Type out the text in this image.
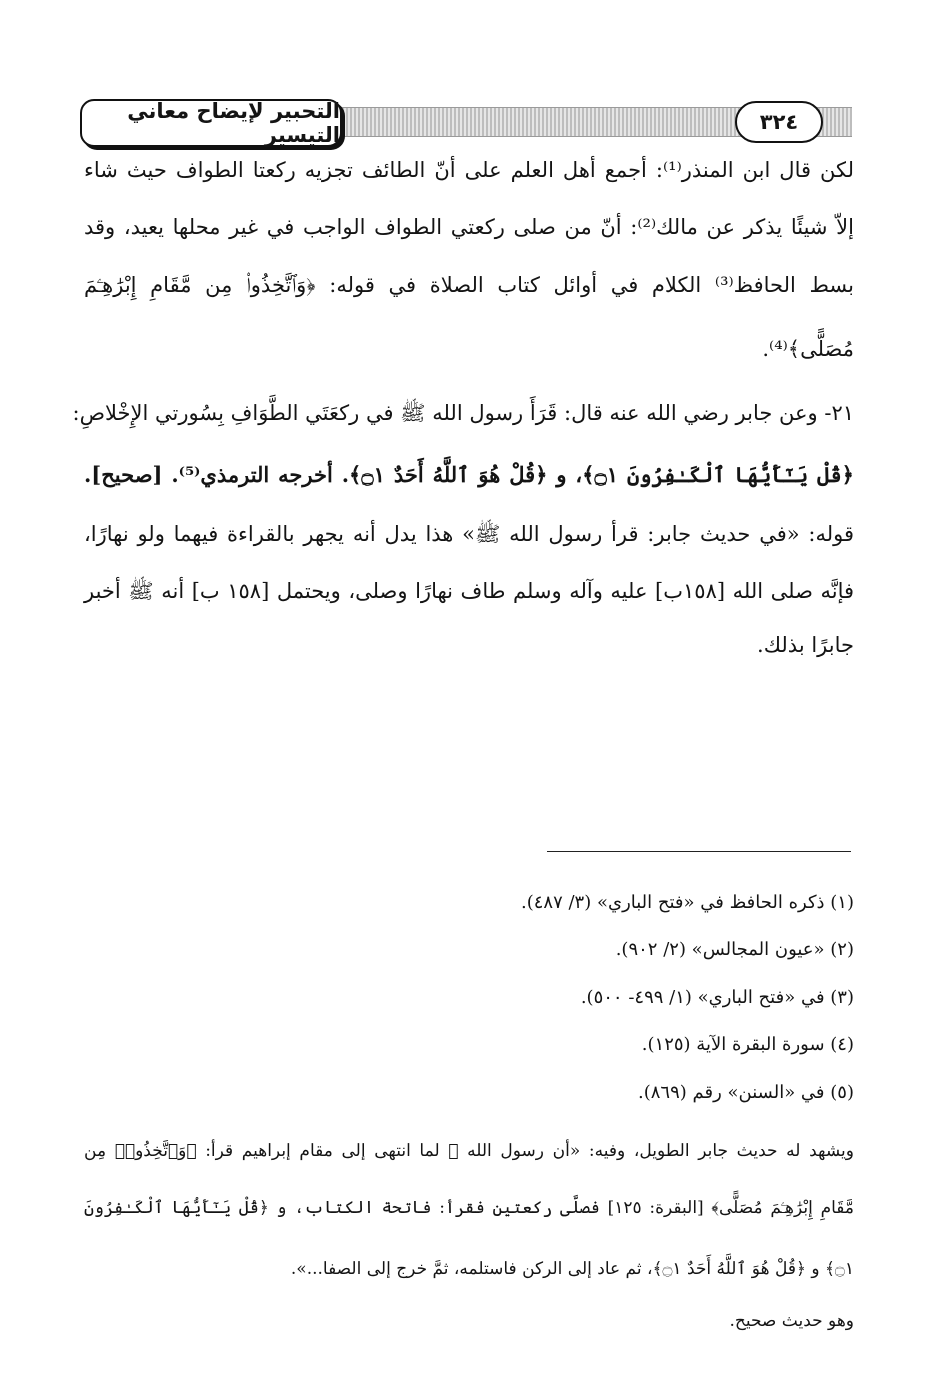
التحبير لإيضاح معاني التيسير
٣٢٤
لكن قال ابن المنذر⁽¹⁾: أجمع أهل العلم على أنّ الطائف تجزيه ركعتا الطواف حيث شاء
إلاّ شيئًا يذكر عن مالك⁽²⁾: أنّ من صلى ركعتي الطواف الواجب في غير محلها يعيد، وقد
بسط الحافظ⁽³⁾ الكلام في أوائل كتاب الصلاة في قوله: ﴿وَٱتَّخِذُوا۟ مِن مَّقَامِ إِبْرَٰهِـۧمَ
مُصَلًّى﴾⁽⁴⁾.
٢١- وعن جابر رضي الله عنه قال: قَرَأَ رسول الله ﷺ في ركعَتَي الطَّوَافِ بِسُورتي الإِخْلاصِ:
﴿قُلْ يَـٰٓأَيُّهَا ٱلْكَـٰفِرُونَ ۝١﴾، و ﴿قُلْ هُوَ ٱللَّهُ أَحَدٌ ۝١﴾. أخرجه الترمذي⁽⁵⁾. [صحيح].
قوله: «في حديث جابر: قرأ رسول الله ﷺ» هذا يدل أنه يجهر بالقراءة فيهما ولو نهارًا،
فإنَّه صلى الله [١٥٨ب] عليه وآله وسلم طاف نهارًا وصلى، ويحتمل [١٥٨ ب] أنه ﷺ أخبر
جابرًا بذلك.
(١) ذكره الحافظ في «فتح الباري» (٣/ ٤٨٧).
(٢) «عيون المجالس» (٢/ ٩٠٢).
(٣) في «فتح الباري» (١/ ٤٩٩- ٥٠٠).
(٤) سورة البقرة الآية (١٢٥).
(٥) في «السنن» رقم (٨٦٩).
ويشهد له حديث جابر الطويل، وفيه: «أن رسول الله ﷺ لما انتهى إلى مقام إبراهيم قرأ: ﴿وَٱتَّخِذُوا۟ مِن
مَّقَامِ إِبْرَٰهِـۧمَ مُصَلًّى﴾ [البقرة: ١٢٥] فصلَّى ركعتين فقرأ: فاتحة الكتاب، و ﴿قُلْ يَـٰٓأَيُّهَا ٱلْكَـٰفِرُونَ
۝١﴾ و ﴿قُلْ هُوَ ٱللَّهُ أَحَدٌ ۝١﴾، ثم عاد إلى الركن فاستلمه، ثمَّ خرج إلى الصفا...».
وهو حديث صحيح.
